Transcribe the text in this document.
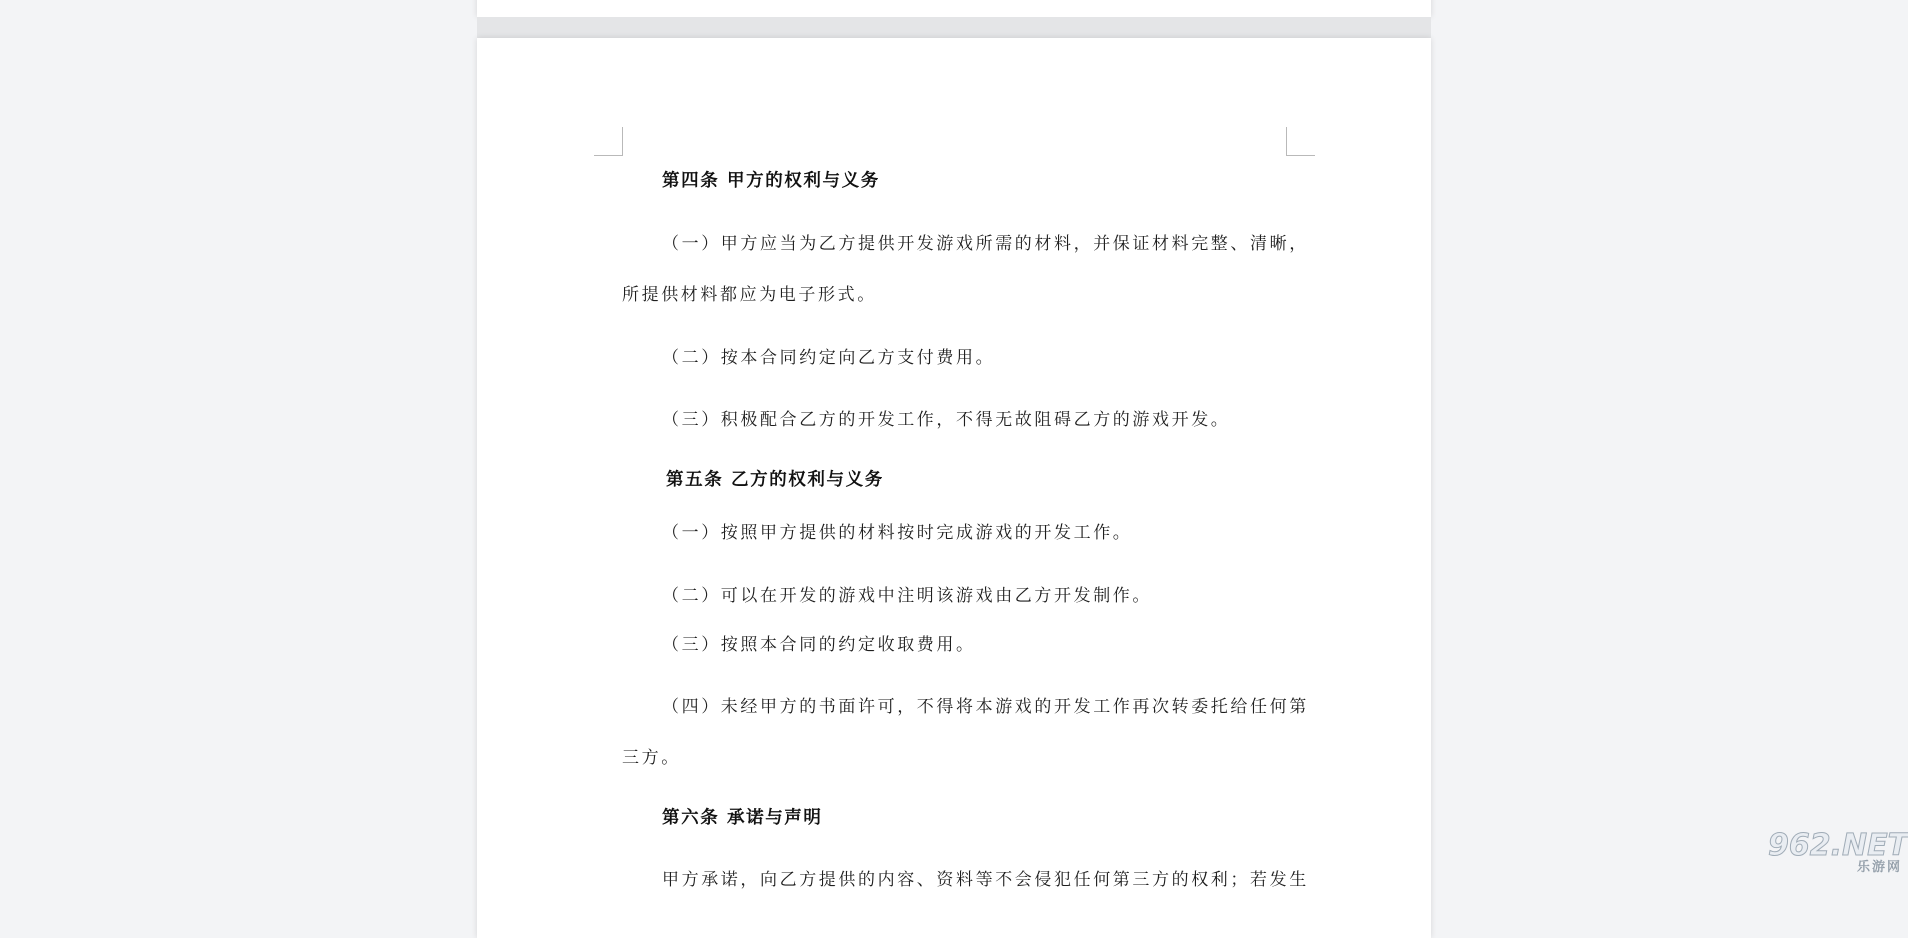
第四条 甲方的权利与义务

（一）甲方应当为乙方提供开发游戏所需的材料，并保证材料完整、清晰，

所提供材料都应为电子形式。

（二）按本合同约定向乙方支付费用。

（三）积极配合乙方的开发工作，不得无故阻碍乙方的游戏开发。

第五条 乙方的权利与义务

（一）按照甲方提供的材料按时完成游戏的开发工作。

（二）可以在开发的游戏中注明该游戏由乙方开发制作。

（三）按照本合同的约定收取费用。

（四）未经甲方的书面许可，不得将本游戏的开发工作再次转委托给任何第

三方。

第六条 承诺与声明

甲方承诺，向乙方提供的内容、资料等不会侵犯任何第三方的权利；若发生

962.NET
乐游网
